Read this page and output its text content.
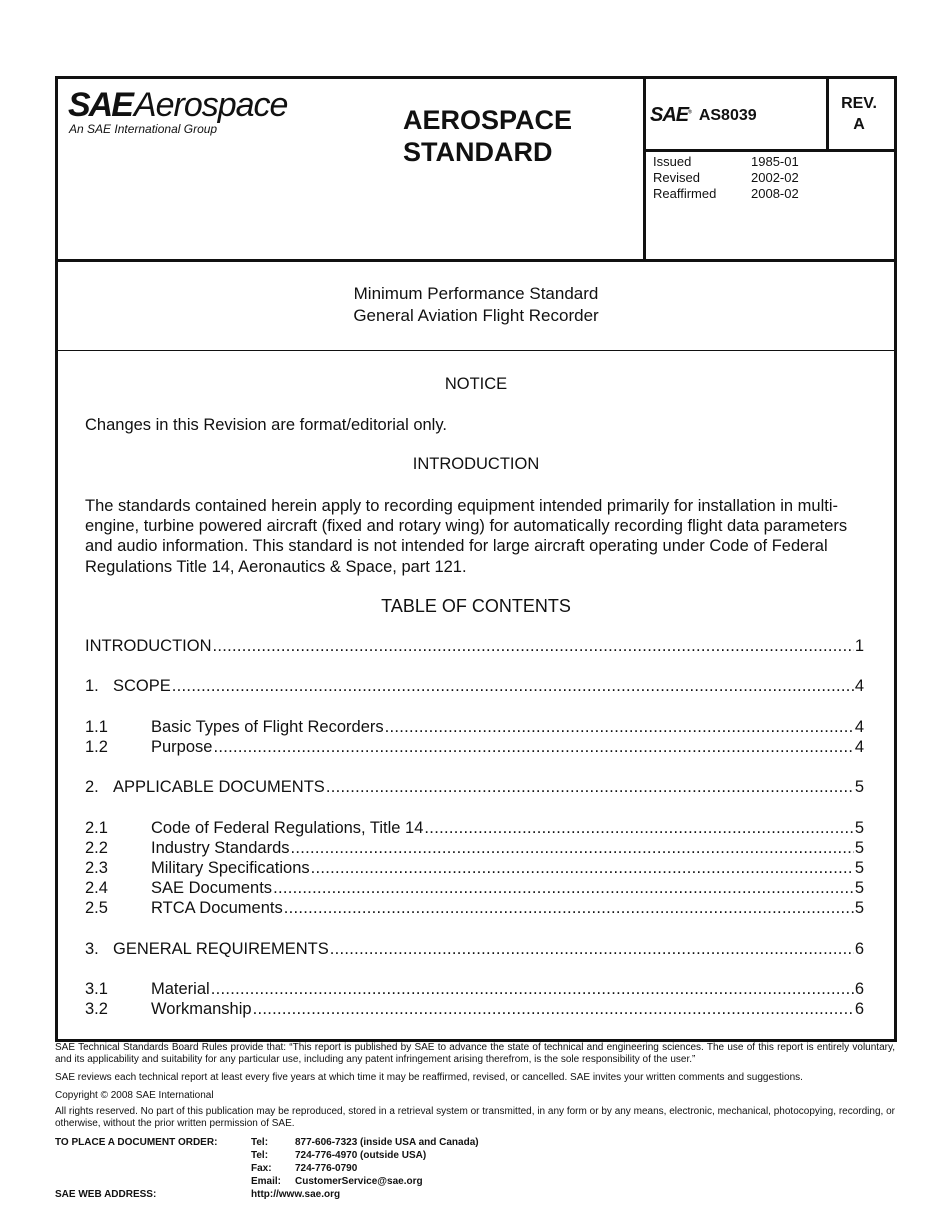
SAE Aerospace
An SAE International Group	AEROSPACE
STANDARD
SAE® AS8039
REV.
A
Issued	1985-01
Revised	2002-02
Reaffirmed	2008-02
Minimum Performance Standard
General Aviation Flight Recorder
NOTICE
Changes in this Revision are format/editorial only.
INTRODUCTION
The standards contained herein apply to recording equipment intended primarily for installation in multi-engine, turbine powered aircraft (fixed and rotary wing) for automatically recording flight data parameters and audio information. This standard is not intended for large aircraft operating under Code of Federal Regulations Title 14, Aeronautics & Space, part 121.
TABLE OF CONTENTS
INTRODUCTION .....	1
1. SCOPE .....	4
1.1	Basic Types of Flight Recorders .....	4
1.2	Purpose .....	4
2. APPLICABLE DOCUMENTS .....	5
2.1	Code of Federal Regulations, Title 14 .....	5
2.2	Industry Standards .....	5
2.3	Military Specifications .....	5
2.4	SAE Documents .....	5
2.5	RTCA Documents .....	5
3. GENERAL REQUIREMENTS .....	6
3.1	Material .....	6
3.2	Workmanship .....	6
SAE Technical Standards Board Rules provide that: “This report is published by SAE to advance the state of technical and engineering sciences. The use of this report is entirely voluntary, and its applicability and suitability for any particular use, including any patent infringement arising therefrom, is the sole responsibility of the user.”
SAE reviews each technical report at least every five years at which time it may be reaffirmed, revised, or cancelled. SAE invites your written comments and suggestions.
Copyright © 2008 SAE International
All rights reserved. No part of this publication may be reproduced, stored in a retrieval system or transmitted, in any form or by any means, electronic, mechanical, photocopying, recording, or otherwise, without the prior written permission of SAE.
TO PLACE A DOCUMENT ORDER:	Tel:	877-606-7323 (inside USA and Canada)
Tel:	724-776-4970 (outside USA)
Fax:	724-776-0790
Email:	CustomerService@sae.org
SAE WEB ADDRESS:	http://www.sae.org
